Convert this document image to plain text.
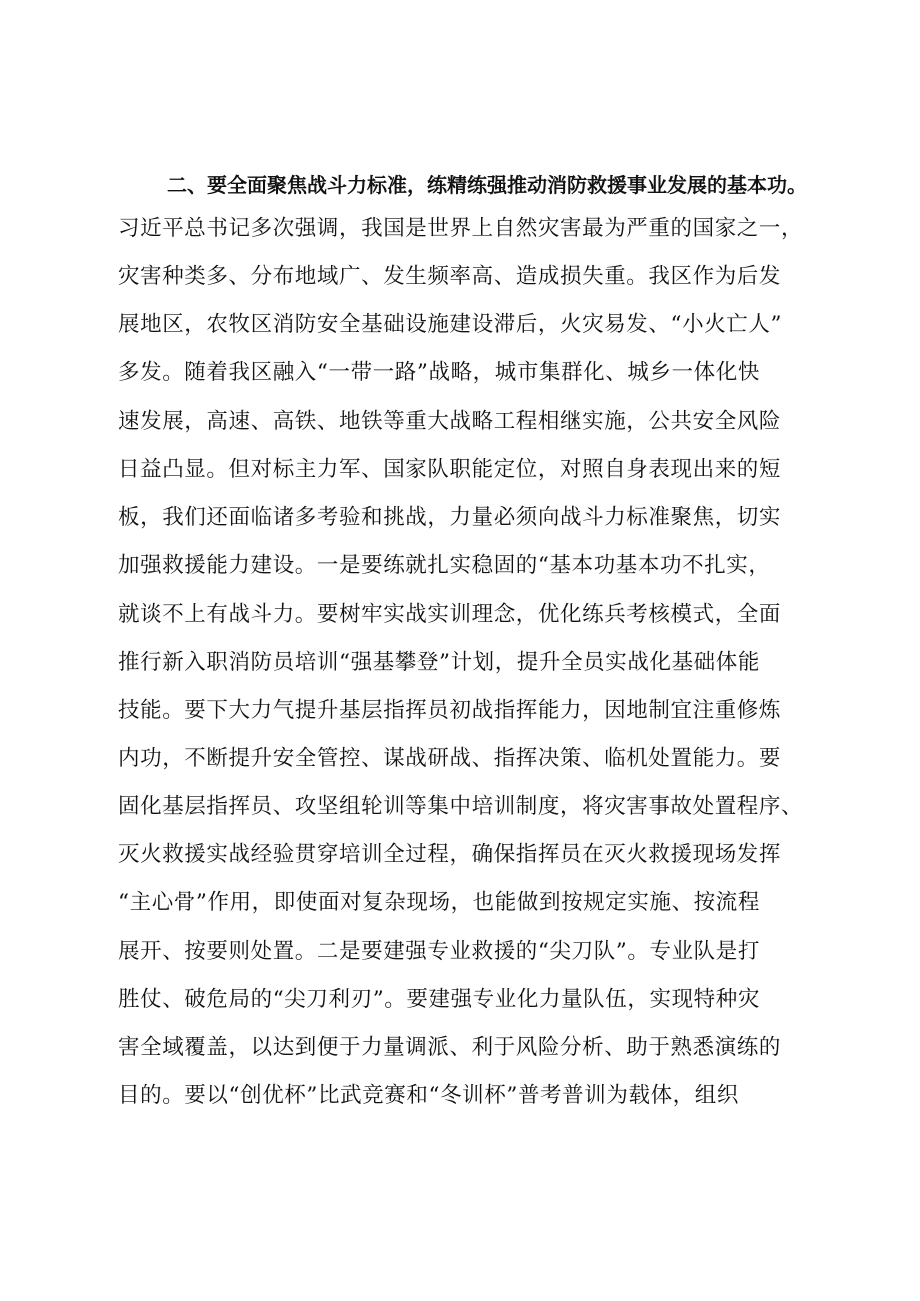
二、要全面聚焦战斗力标准，练精练强推动消防救援事业发展的基本功。
习近平总书记多次强调，我国是世界上自然灾害最为严重的国家之一，
灾害种类多、分布地域广、发生频率高、造成损失重。我区作为后发
展地区，农牧区消防安全基础设施建设滞后，火灾易发、“小火亡人”
多发。随着我区融入“一带一路”战略，城市集群化、城乡一体化快
速发展，高速、高铁、地铁等重大战略工程相继实施，公共安全风险
日益凸显。但对标主力军、国家队职能定位，对照自身表现出来的短
板，我们还面临诸多考验和挑战，力量必须向战斗力标准聚焦，切实
加强救援能力建设。一是要练就扎实稳固的“基本功基本功不扎实，
就谈不上有战斗力。要树牢实战实训理念，优化练兵考核模式，全面
推行新入职消防员培训“强基攀登”计划，提升全员实战化基础体能
技能。要下大力气提升基层指挥员初战指挥能力，因地制宜注重修炼
内功，不断提升安全管控、谋战研战、指挥决策、临机处置能力。要
固化基层指挥员、攻坚组轮训等集中培训制度，将灾害事故处置程序、
灭火救援实战经验贯穿培训全过程，确保指挥员在灭火救援现场发挥
“主心骨”作用，即使面对复杂现场，也能做到按规定实施、按流程
展开、按要则处置。二是要建强专业救援的“尖刀队”。专业队是打
胜仗、破危局的“尖刀利刃”。要建强专业化力量队伍，实现特种灾
害全域覆盖，以达到便于力量调派、利于风险分析、助于熟悉演练的
目的。要以“创优杯”比武竞赛和“冬训杯”普考普训为载体，组织
